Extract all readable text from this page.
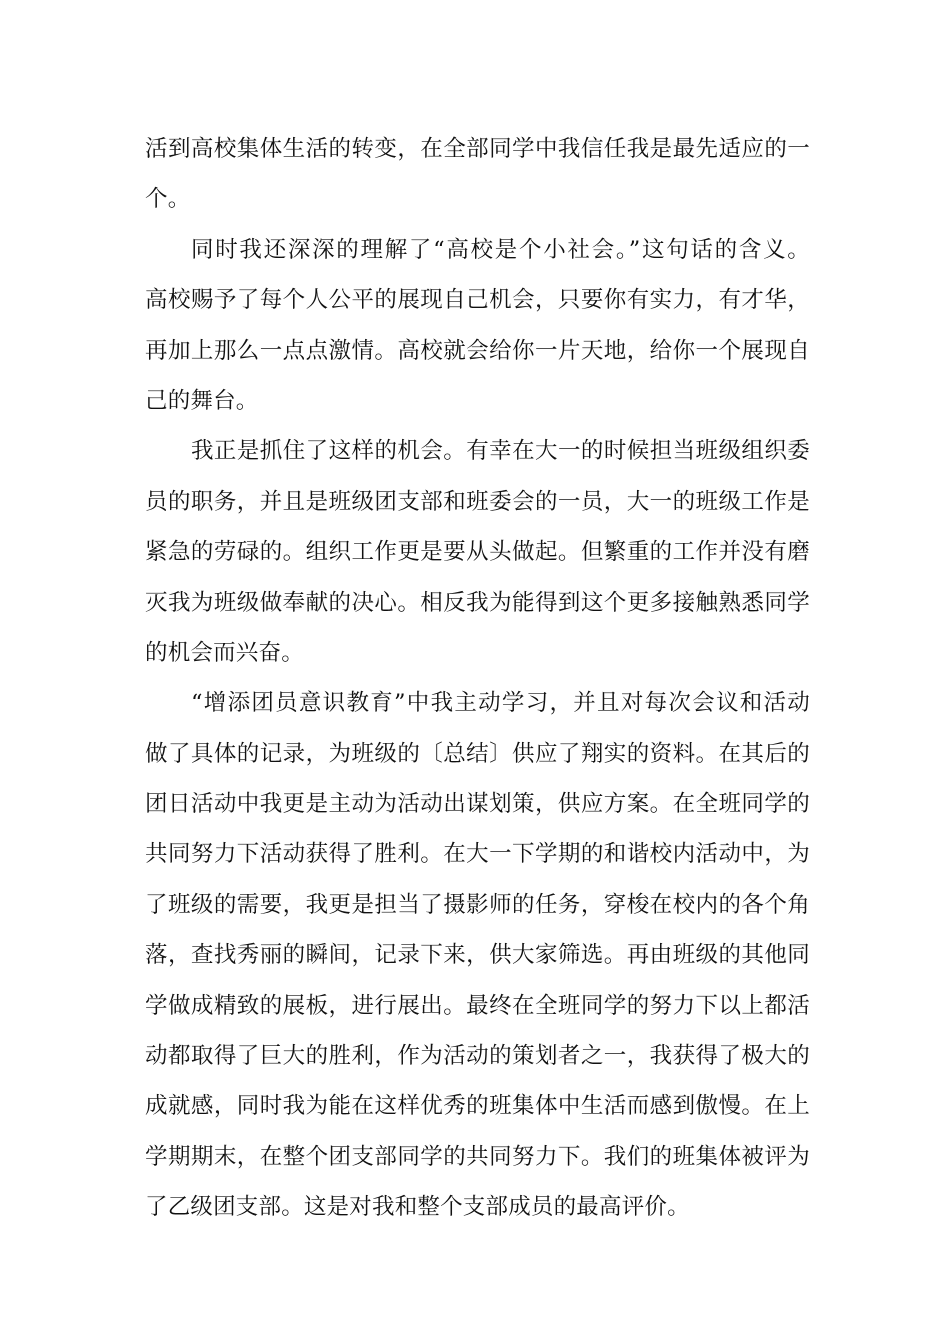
活到高校集体生活的转变，在全部同学中我信任我是最先适应的一
个。
同时我还深深的理解了“高校是个小社会。”这句话的含义。
高校赐予了每个人公平的展现自己机会，只要你有实力，有才华，
再加上那么一点点激情。高校就会给你一片天地，给你一个展现自
己的舞台。
我正是抓住了这样的机会。有幸在大一的时候担当班级组织委
员的职务，并且是班级团支部和班委会的一员，大一的班级工作是
紧急的劳碌的。组织工作更是要从头做起。但繁重的工作并没有磨
灭我为班级做奉献的决心。相反我为能得到这个更多接触熟悉同学
的机会而兴奋。
“增添团员意识教育”中我主动学习，并且对每次会议和活动
做了具体的记录，为班级的〔总结〕供应了翔实的资料。在其后的
团日活动中我更是主动为活动出谋划策，供应方案。在全班同学的
共同努力下活动获得了胜利。在大一下学期的和谐校内活动中，为
了班级的需要，我更是担当了摄影师的任务，穿梭在校内的各个角
落，查找秀丽的瞬间，记录下来，供大家筛选。再由班级的其他同
学做成精致的展板，进行展出。最终在全班同学的努力下以上都活
动都取得了巨大的胜利，作为活动的策划者之一，我获得了极大的
成就感，同时我为能在这样优秀的班集体中生活而感到傲慢。在上
学期期末，在整个团支部同学的共同努力下。我们的班集体被评为
了乙级团支部。这是对我和整个支部成员的最高评价。
